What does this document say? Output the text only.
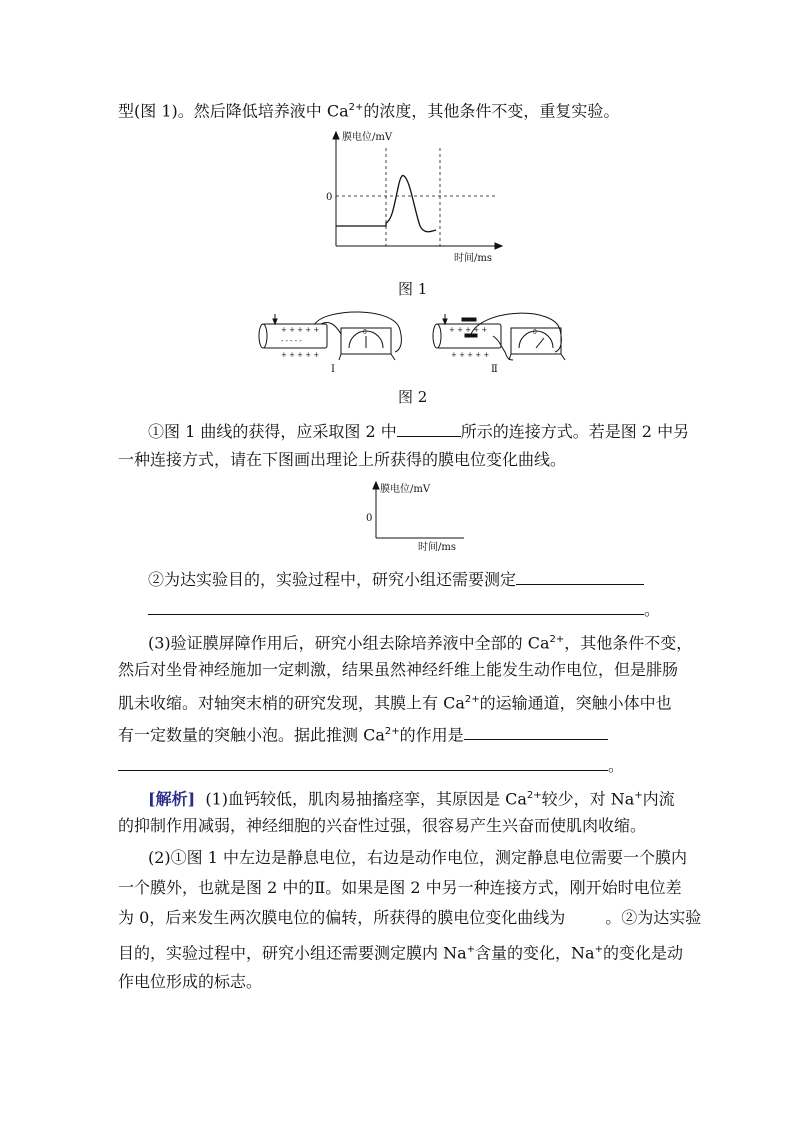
型(图 1)。然后降低培养液中 $Ca^{2+}$的浓度，其他条件不变，重复实验。
膜电位/mV
0
时间/ms
图 1
+ + + + +
- - - - -
+ + + + +
0
Ⅰ
+ + + + +
+ + + + +
0
Ⅱ
图 2
①图 1 曲线的获得，应采取图 2 中	所示的连接方式。若是图 2 中另
一种连接方式，请在下图画出理论上所获得的膜电位变化曲线。
膜电位/mV
0
时间/ms
②为达实验目的，实验过程中，研究小组还需要测定
。
(3)验证膜屏障作用后，研究小组去除培养液中全部的 $Ca^{2+}$，其他条件不变，
然后对坐骨神经施加一定刺激，结果虽然神经纤维上能发生动作电位，但是腓肠
肌未收缩。对轴突末梢的研究发现，其膜上有 $Ca^{2+}$的运输通道，突触小体中也
有一定数量的突触小泡。据此推测 $Ca^{2+}$的作用是
。
[解析] (1)血钙较低，肌肉易抽搐痉挛，其原因是 $Ca^{2+}$较少，对 Na+内流
的抑制作用减弱，神经细胞的兴奋性过强，很容易产生兴奋而使肌肉收缩。
(2)①图 1 中左边是静息电位，右边是动作电位，测定静息电位需要一个膜内
一个膜外，也就是图 2 中的Ⅱ。如果是图 2 中另一种连接方式，刚开始时电位差
为 0，后来发生两次膜电位的偏转，所获得的膜电位变化曲线为	。②为达实验
目的，实验过程中，研究小组还需要测定膜内 Na+含量的变化，Na+的变化是动
作电位形成的标志。
